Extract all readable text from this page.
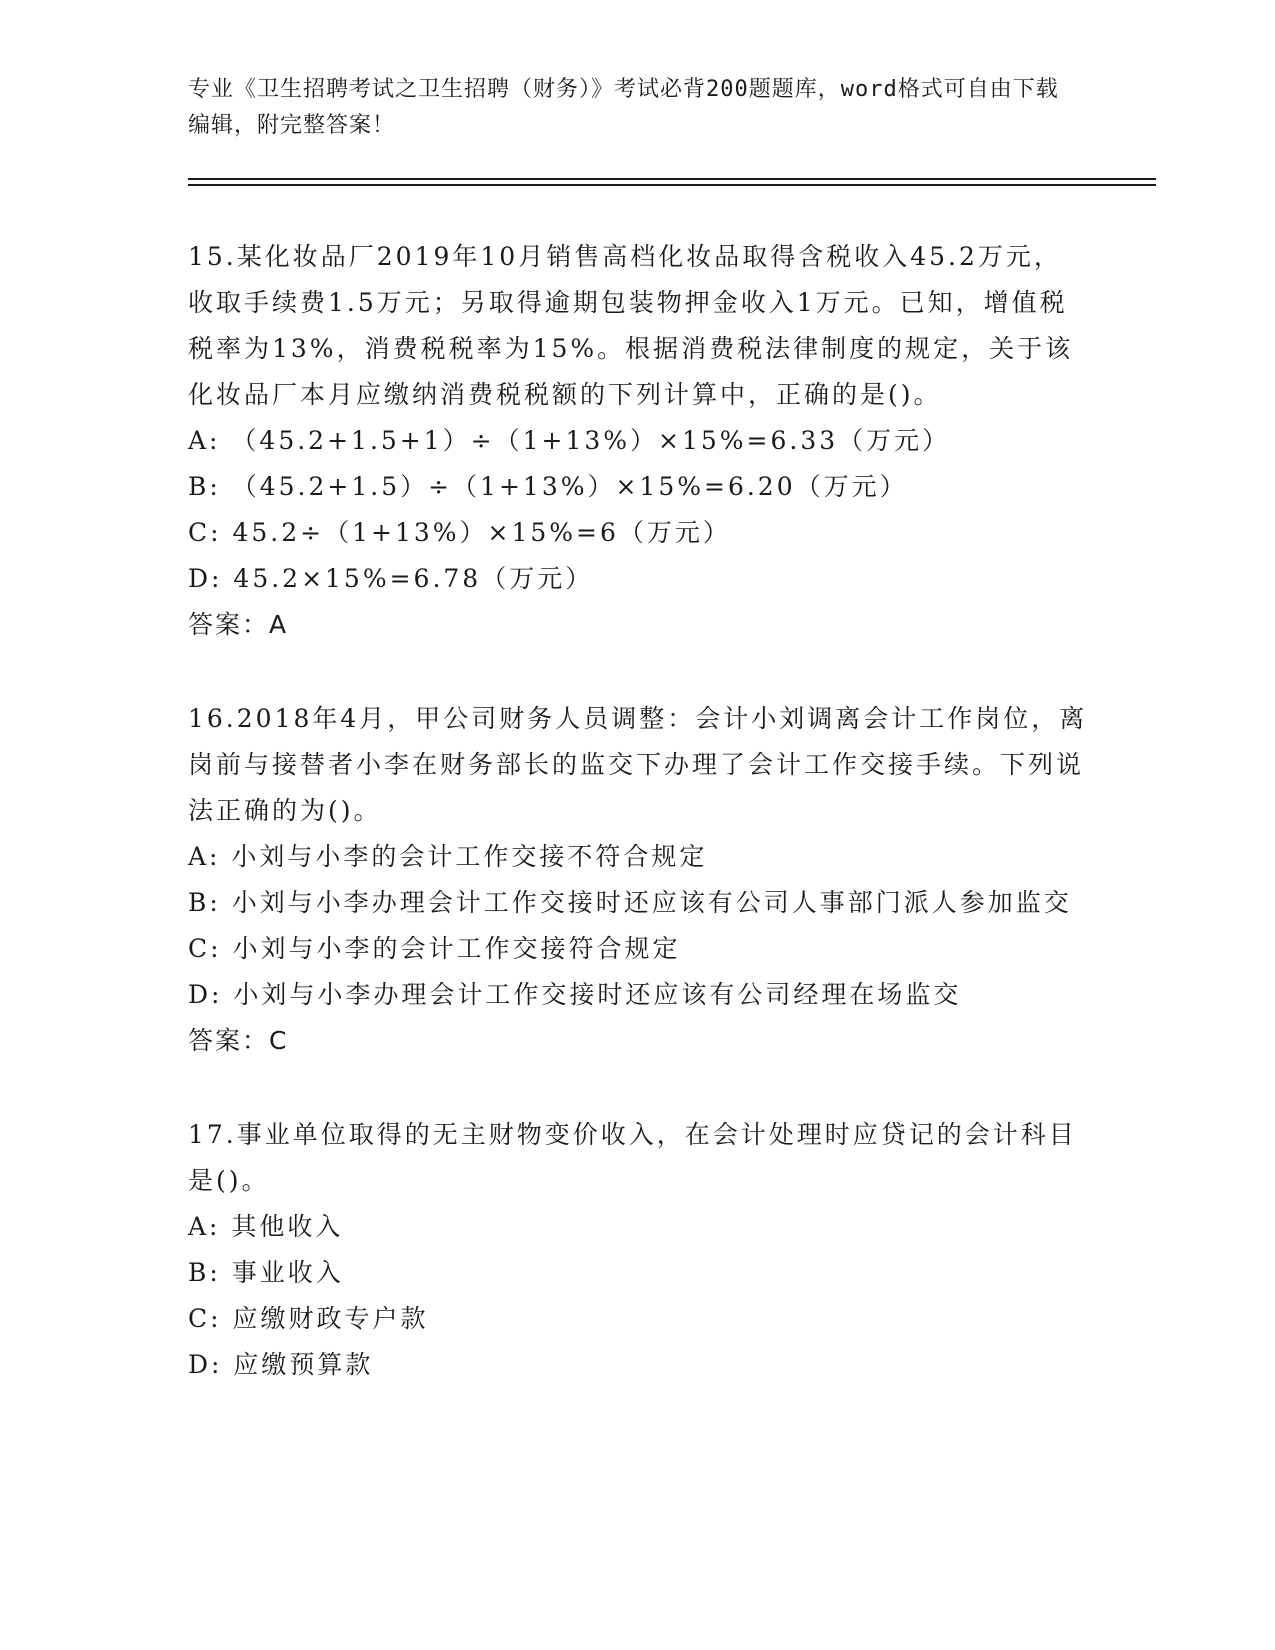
专业《卫生招聘考试之卫生招聘（财务）》考试必背200题题库，word格式可自由下载编辑，附完整答案！

15.某化妆品厂2019年10月销售高档化妆品取得含税收入45.2万元，收取手续费1.5万元；另取得逾期包装物押金收入1万元。已知，增值税税率为13%，消费税税率为15%。根据消费税法律制度的规定，关于该化妆品厂本月应缴纳消费税税额的下列计算中，正确的是()。

A: （45.2+1.5+1）÷（1+13%）×15%=6.33（万元）

B: （45.2+1.5）÷（1+13%）×15%=6.20（万元）

C: 45.2÷（1+13%）×15%=6（万元）

D: 45.2×15%=6.78（万元）

答案：A

16.2018年4月，甲公司财务人员调整：会计小刘调离会计工作岗位，离岗前与接替者小李在财务部长的监交下办理了会计工作交接手续。下列说法正确的为()。

A: 小刘与小李的会计工作交接不符合规定

B: 小刘与小李办理会计工作交接时还应该有公司人事部门派人参加监交

C: 小刘与小李的会计工作交接符合规定

D: 小刘与小李办理会计工作交接时还应该有公司经理在场监交

答案：C

17.事业单位取得的无主财物变价收入，在会计处理时应贷记的会计科目是()。

A: 其他收入

B: 事业收入

C: 应缴财政专户款

D: 应缴预算款
